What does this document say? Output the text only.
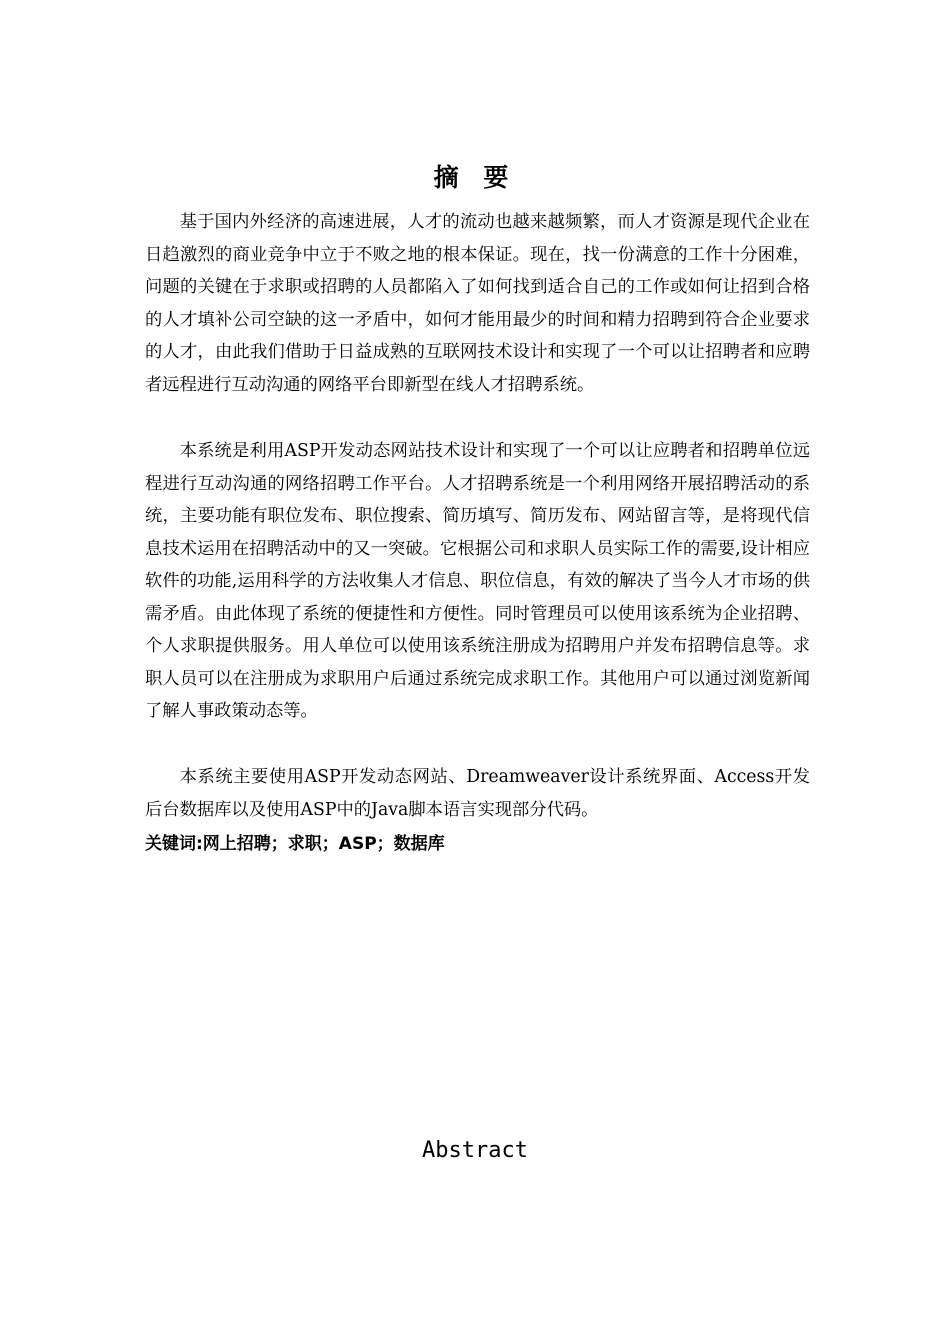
摘 要

基于国内外经济的高速进展，人才的流动也越来越频繁，而人才资源是现代企业在日趋激烈的商业竞争中立于不败之地的根本保证。现在，找一份满意的工作十分困难，问题的关键在于求职或招聘的人员都陷入了如何找到适合自己的工作或如何让招到合格的人才填补公司空缺的这一矛盾中，如何才能用最少的时间和精力招聘到符合企业要求的人才，由此我们借助于日益成熟的互联网技术设计和实现了一个可以让招聘者和应聘者远程进行互动沟通的网络平台即新型在线人才招聘系统。

本系统是利用ASP开发动态网站技术设计和实现了一个可以让应聘者和招聘单位远程进行互动沟通的网络招聘工作平台。人才招聘系统是一个利用网络开展招聘活动的系统，主要功能有职位发布、职位搜索、简历填写、简历发布、网站留言等，是将现代信息技术运用在招聘活动中的又一突破。它根据公司和求职人员实际工作的需要,设计相应软件的功能,运用科学的方法收集人才信息、职位信息，有效的解决了当今人才市场的供需矛盾。由此体现了系统的便捷性和方便性。同时管理员可以使用该系统为企业招聘、个人求职提供服务。用人单位可以使用该系统注册成为招聘用户并发布招聘信息等。求职人员可以在注册成为求职用户后通过系统完成求职工作。其他用户可以通过浏览新闻了解人事政策动态等。

本系统主要使用ASP开发动态网站、Dreamweaver设计系统界面、Access开发后台数据库以及使用ASP中的Java脚本语言实现部分代码。

关键词:网上招聘；求职；ASP；数据库
Abstract
